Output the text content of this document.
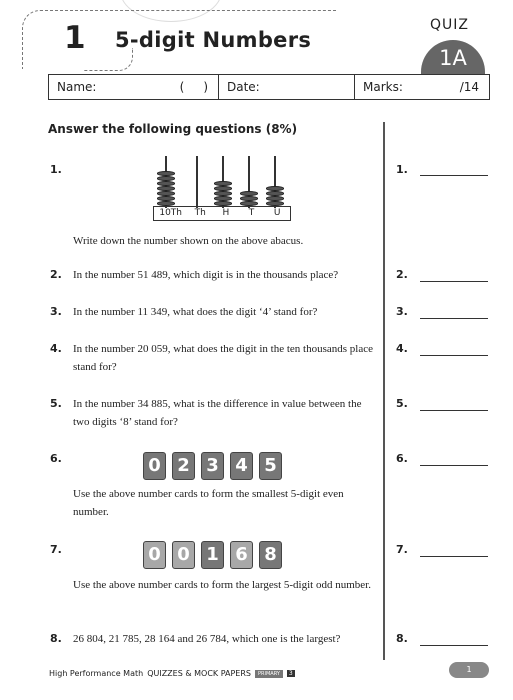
1 5-digit Numbers
QUIZ
1A
Name:	(     ) Date:	Marks:	/14
Answer the following questions (8%)
1.
10Th	Th	H	T	U
Write down the number shown on the above abacus.
1.
2. In the number 51 489, which digit is in the thousands place?	2.
3. In the number 11 349, what does the digit ‘4’ stand for?	3.
4. In the number 20 059, what does the digit in the ten thousands place stand for?
4.
5. In the number 34 885, what is the difference in value between the two digits ‘8’ stand for?
5.
6.	0 2 3 4 5
Use the above number cards to form the smallest 5-digit even number.
6.
7.	0 0 1 6 8
Use the above number cards to form the largest 5-digit odd number.
7.
8. 26 804, 21 785, 28 164 and 26 784, which one is the largest?	8.
High Performance Math QUIZZES & MOCK PAPERS	PRIMARY	3	1
